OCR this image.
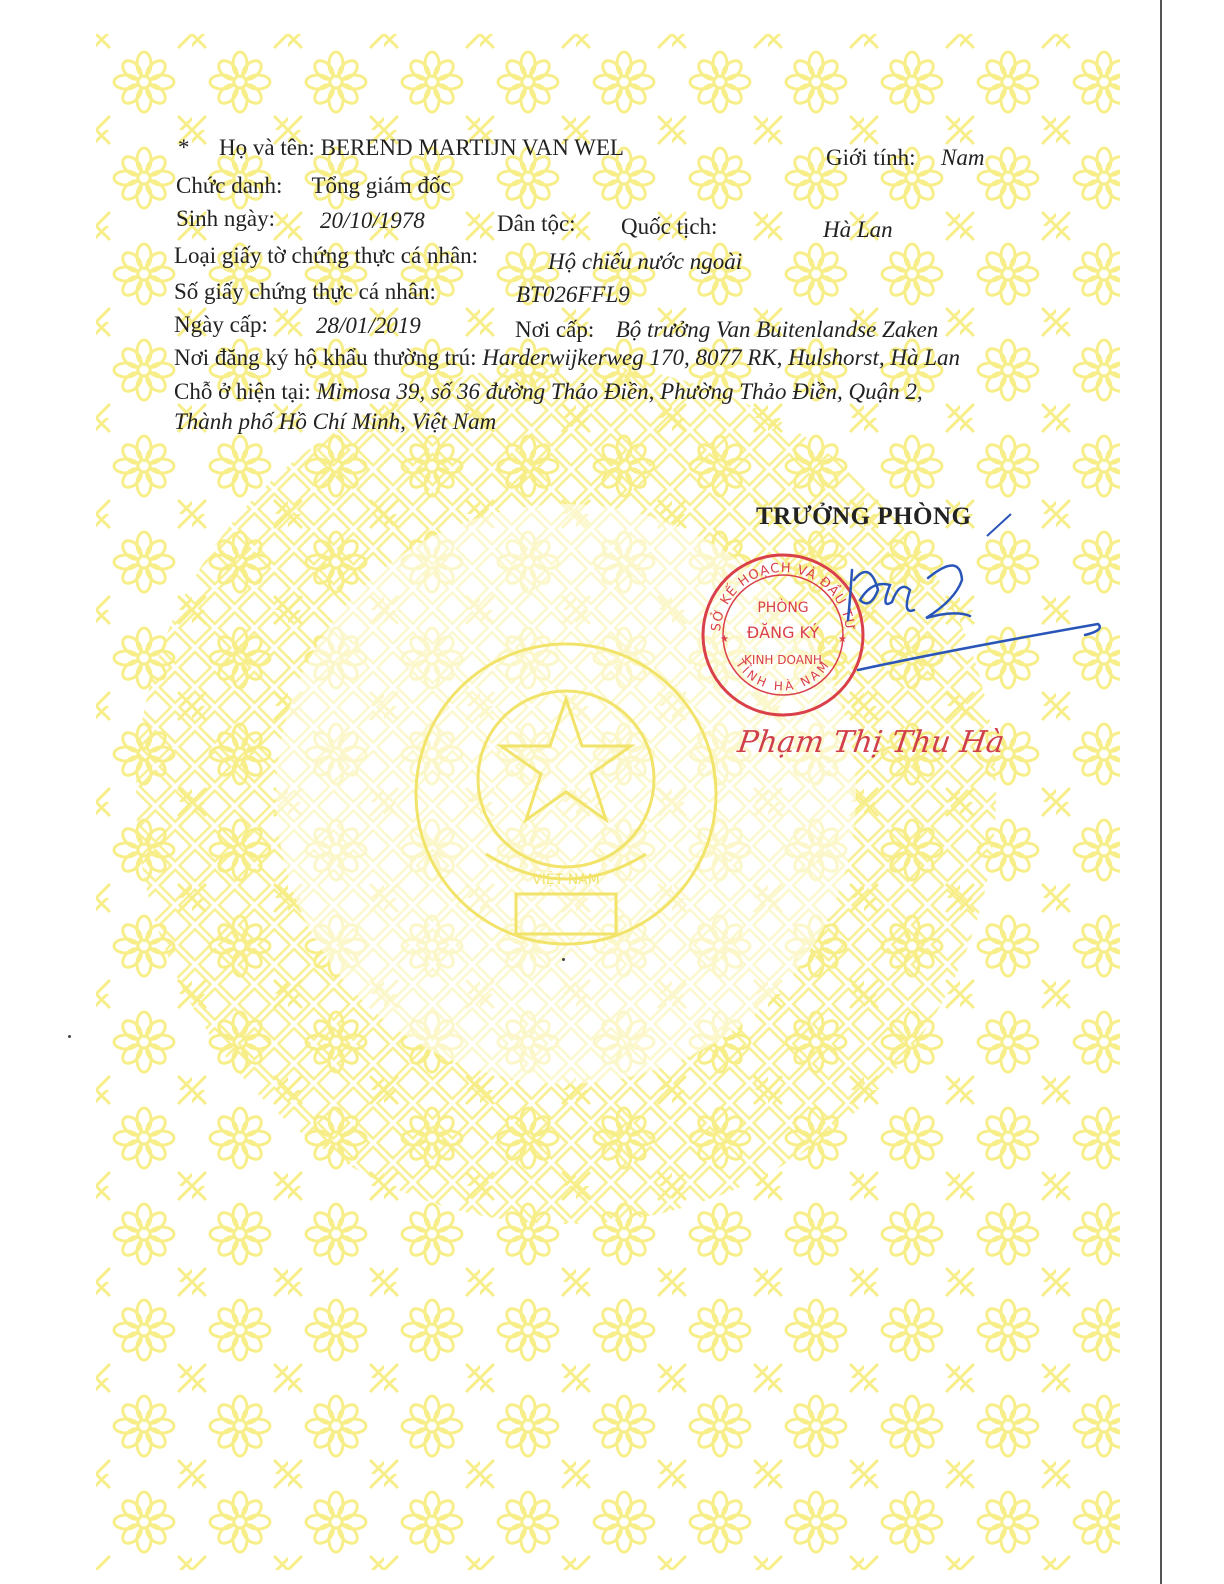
VIỆT NAM
* Họ và tên: BEREND MARTIJN VAN WEL	Giới tính: Nam
Chức danh: Tổng giám đốc
Sinh ngày: 20/10/1978	Dân tộc: Quốc tịch:	Hà Lan
Loại giấy tờ chứng thực cá nhân:	Hộ chiếu nước ngoài
Số giấy chứng thực cá nhân:	BT026FFL9
Ngày cấp: 28/01/2019	Nơi cấp: Bộ trưởng Van Buitenlandse Zaken
Nơi đăng ký hộ khẩu thường trú: Harderwijkerweg 170, 8077 RK, Hulshorst, Hà Lan
Chỗ ở hiện tại: Mimosa 39, số 36 đường Thảo Điền, Phường Thảo Điền, Quận 2,
Thành phố Hồ Chí Minh, Việt Nam
TRƯỞNG PHÒNG
SỞ KẾ HOẠCH VÀ ĐẦU TƯ
TỈNH HÀ NAM
PHÒNG
ĐĂNG KÝ
KINH DOANH
★	★
Phạm Thị Thu Hà
